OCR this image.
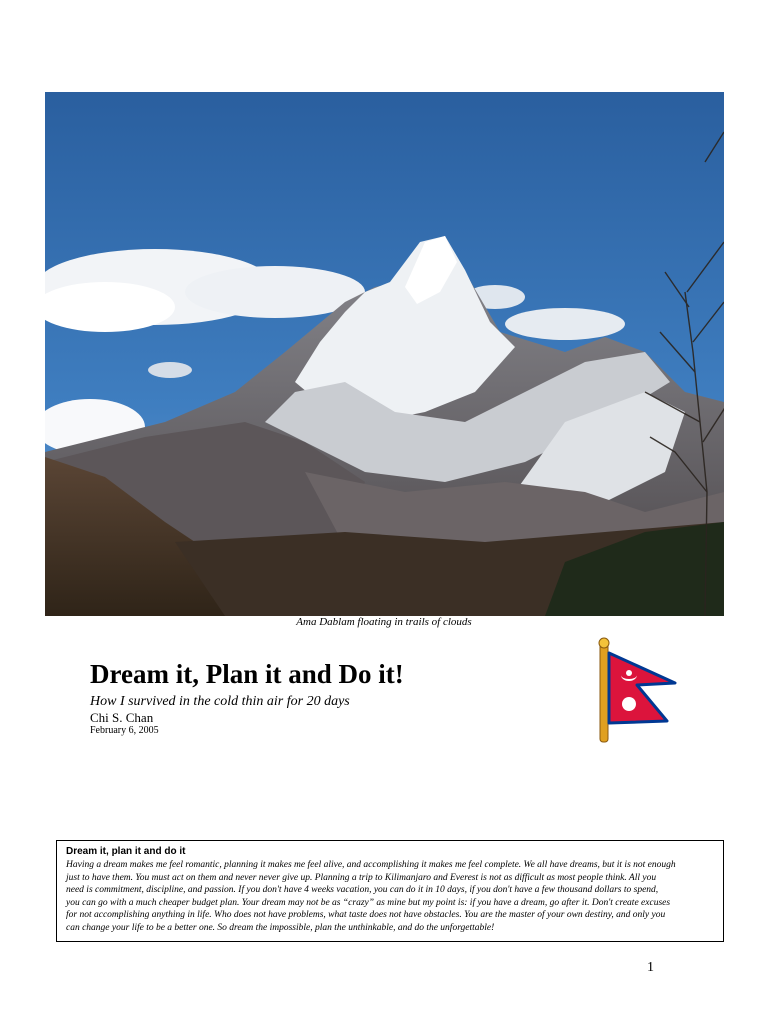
Ama Dablam floating in trails of clouds
Dream it, Plan it and Do it!
How I survived in the cold thin air for 20 days
Chi S. Chan
February 6, 2005
Dream it, plan it and do it
Having a dream makes me feel romantic, planning it makes me feel alive, and accomplishing it makes me feel complete. We all have dreams, but it is not enough
just to have them. You must act on them and never never give up. Planning a trip to Kilimanjaro and Everest is not as difficult as most people think. All you
need is commitment, discipline, and passion. If you don't have 4 weeks vacation, you can do it in 10 days, if you don't have a few thousand dollars to spend,
you can go with a much cheaper budget plan. Your dream may not be as “crazy” as mine but my point is: if you have a dream, go after it. Don't create excuses
for not accomplishing anything in life. Who does not have problems, what taste does not have obstacles. You are the master of your own destiny, and only you
can change your life to be a better one. So dream the impossible, plan the unthinkable, and do the unforgettable!
1
